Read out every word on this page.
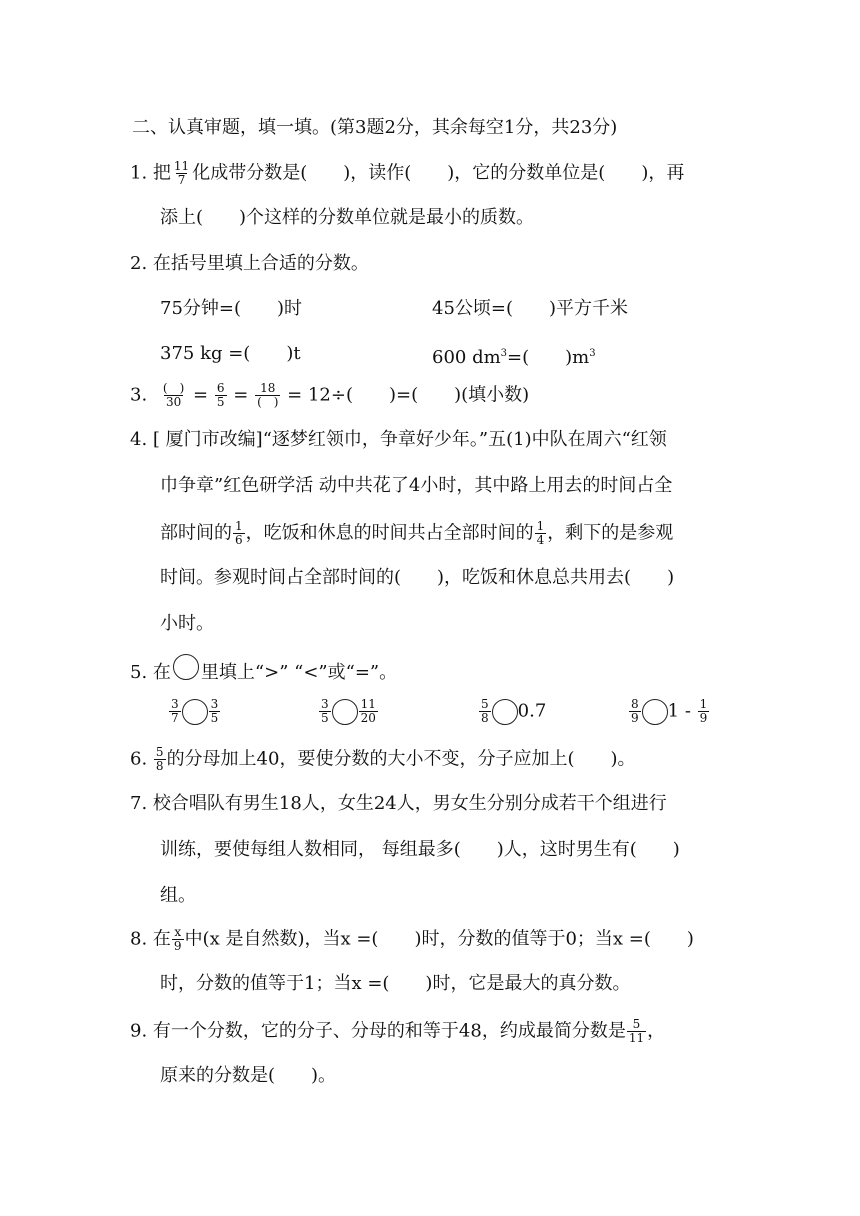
二、认真审题，填一填。(第3题2分，其余每空1分，共23分)
1. 把 $\frac{11}{7}$ 化成带分数是(　　)，读作(　　)，它的分数单位是(　　)，再
添上(　　)个这样的分数单位就是最小的质数。
2. 在括号里填上合适的分数。
75分钟=(　　)时	45公顷=(　　)平方千米
375 kg =(　　)t	600 $dm^3=$(　　)$m^3$
3. $\frac{( )}{30} = \frac{6}{5} = \frac{18}{( )} = 12\div$(　　)=(　　)(填小数)
4. [ 厦门市改编]“逐梦红领巾，争章好少年。”五(1)中队在周六“红领
巾争章”红色研学活 动中共花了4小时，其中路上用去的时间占全
部时间的 $\frac{1}{6}$ ，吃饭和休息的时间共占全部时间的 $\frac{1}{4}$ ，剩下的是参观
时间。参观时间占全部时间的(　　)，吃饭和休息总共用去(　　)
小时。
5. 在 里填上“>” “<”或“=”。
$\frac{3}{7} \frac{3}{5}$	$\frac{3}{5} \frac{11}{20}$	$\frac{5}{8} 0.7$	$\frac{8}{9} 1 - \frac{1}{9}$
6. $\frac{5}{8}$ 的分母加上40，要使分数的大小不变，分子应加上(　　)。
7. 校合唱队有男生18人，女生24人，男女生分别分成若干个组进行
训练，要使每组人数相同， 每组最多(　　)人，这时男生有(　　)
组。
8. 在 $\frac{x}{9}$ 中(x 是自然数)，当x =(　　)时，分数的值等于0；当x =(　　)
时，分数的值等于1；当x =(　　)时，它是最大的真分数。
9. 有一个分数，它的分子、分母的和等于48，约成最简分数是 $\frac{5}{11}$ ，
原来的分数是(　　)。
